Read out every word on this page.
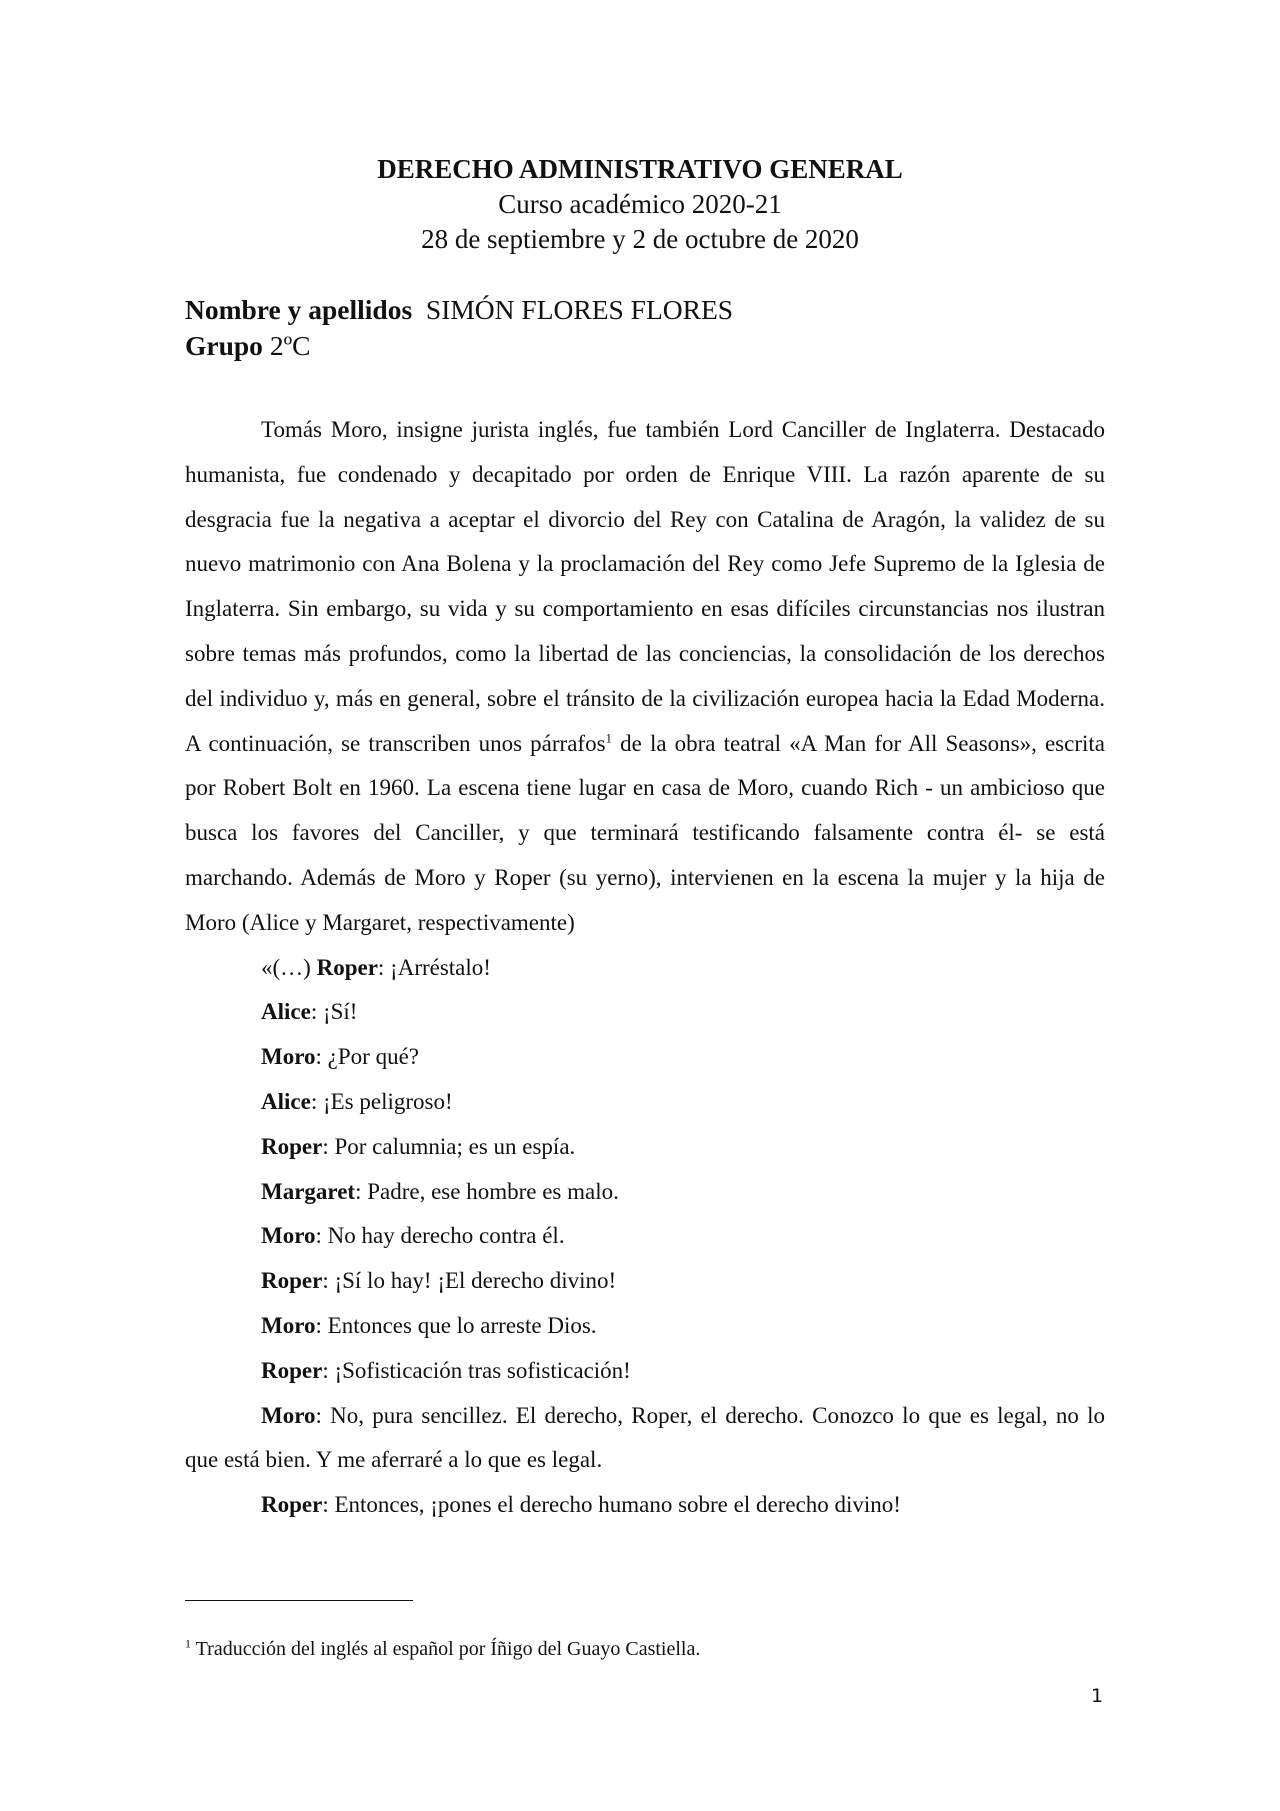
DERECHO ADMINISTRATIVO GENERAL
Curso académico 2020-21
28 de septiembre y 2 de octubre de 2020
Nombre y apellidos SIMÓN FLORES FLORES
Grupo 2ºC

Tomás Moro, insigne jurista inglés, fue también Lord Canciller de Inglaterra. Destacado humanista, fue condenado y decapitado por orden de Enrique VIII. La razón aparente de su desgracia fue la negativa a aceptar el divorcio del Rey con Catalina de Aragón, la validez de su nuevo matrimonio con Ana Bolena y la proclamación del Rey como Jefe Supremo de la Iglesia de Inglaterra. Sin embargo, su vida y su comportamiento en esas difíciles circunstancias nos ilustran sobre temas más profundos, como la libertad de las conciencias, la consolidación de los derechos del individuo y, más en general, sobre el tránsito de la civilización europea hacia la Edad Moderna. A continuación, se transcriben unos párrafos$^1$ de la obra teatral «A Man for All Seasons», escrita por Robert Bolt en 1960. La escena tiene lugar en casa de Moro, cuando Rich - un ambicioso que busca los favores del Canciller, y que terminará testificando falsamente contra él- se está marchando. Además de Moro y Roper (su yerno), intervienen en la escena la mujer y la hija de Moro (Alice y Margaret, respectivamente)

«(…) Roper: ¡Arréstalo!

Alice: ¡Sí!

Moro: ¿Por qué?

Alice: ¡Es peligroso!

Roper: Por calumnia; es un espía.

Margaret: Padre, ese hombre es malo.

Moro: No hay derecho contra él.

Roper: ¡Sí lo hay! ¡El derecho divino!

Moro: Entonces que lo arreste Dios.

Roper: ¡Sofisticación tras sofisticación!

Moro: No, pura sencillez. El derecho, Roper, el derecho. Conozco lo que es legal, no lo que está bien. Y me aferraré a lo que es legal.

Roper: Entonces, ¡pones el derecho humano sobre el derecho divino!

$^1$ Traducción del inglés al español por Íñigo del Guayo Castiella.
1
